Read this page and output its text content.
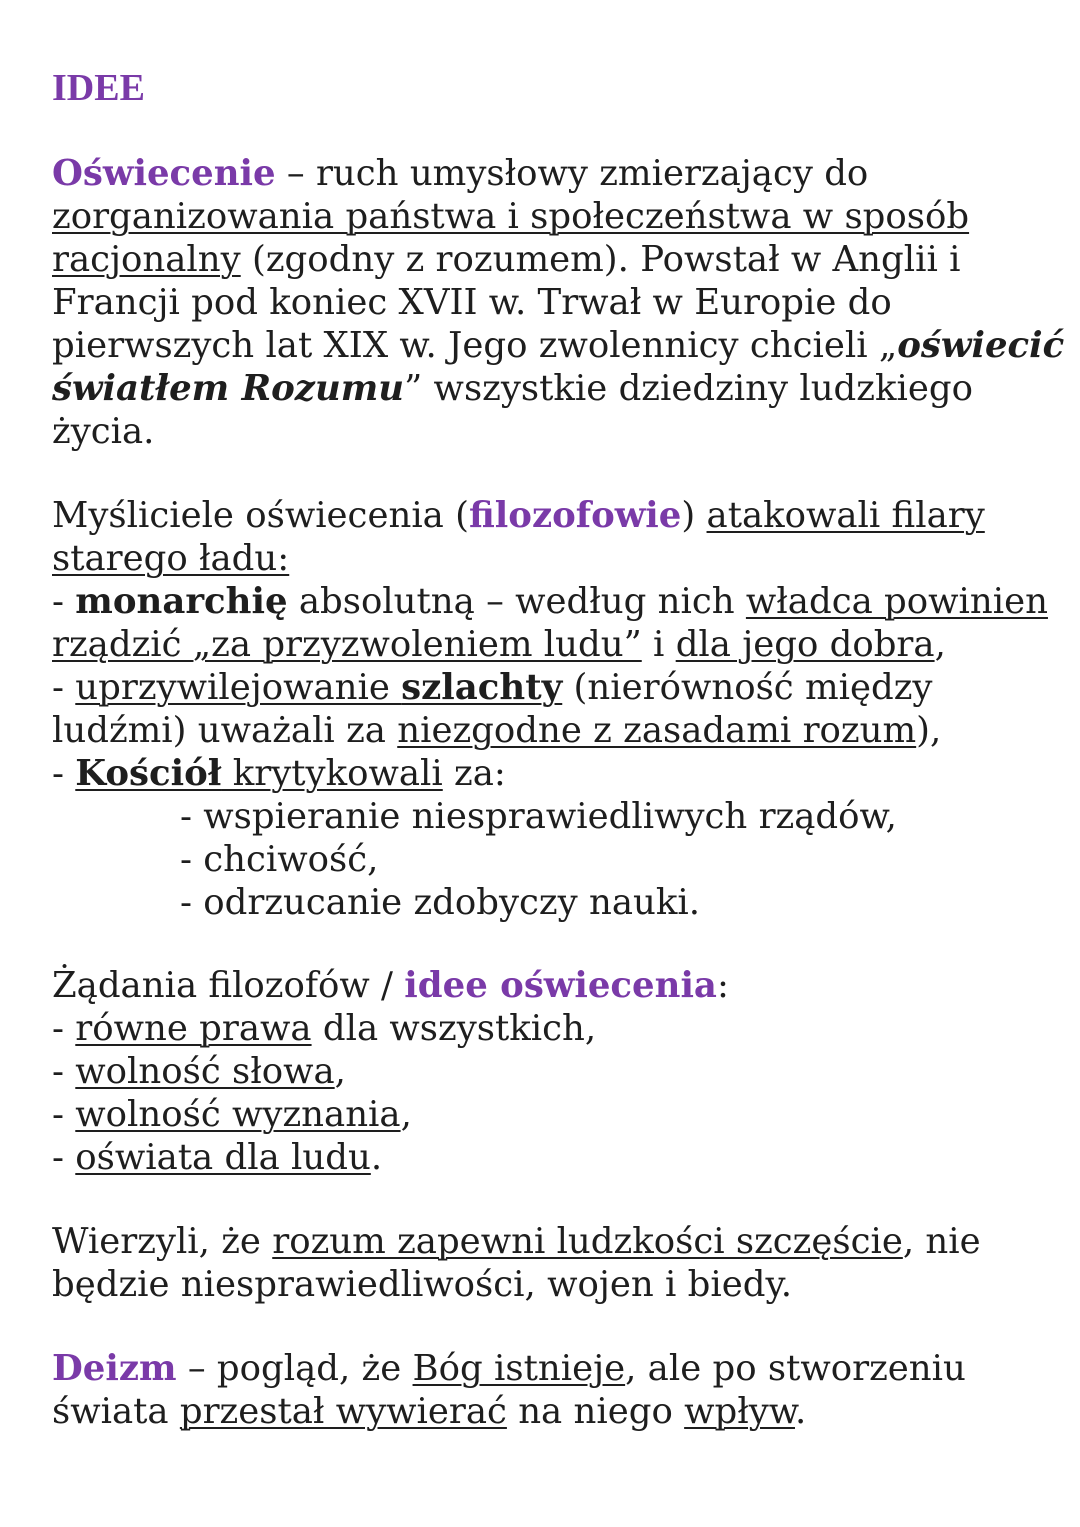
IDEE

Oświecenie – ruch umysłowy zmierzający do

zorganizowania państwa i społeczeństwa w sposób

racjonalny (zgodny z rozumem). Powstał w Anglii i

Francji pod koniec XVII w. Trwał w Europie do

pierwszych lat XIX w. Jego zwolennicy chcieli „oświecić

światłem Rozumu” wszystkie dziedziny ludzkiego

życia.

Myśliciele oświecenia (filozofowie) atakowali filary

starego ładu:

- monarchię absolutną – według nich władca powinien

rządzić „za przyzwoleniem ludu” i dla jego dobra,

- uprzywilejowanie szlachty (nierówność między

ludźmi) uważali za niezgodne z zasadami rozum),

- Kościół krytykowali za:

- wspieranie niesprawiedliwych rządów,

- chciwość,

- odrzucanie zdobyczy nauki.

Żądania filozofów / idee oświecenia:

- równe prawa dla wszystkich,

- wolność słowa,

- wolność wyznania,

- oświata dla ludu.

Wierzyli, że rozum zapewni ludzkości szczęście, nie

będzie niesprawiedliwości, wojen i biedy.

Deizm – pogląd, że Bóg istnieje, ale po stworzeniu

świata przestał wywierać na niego wpływ.
